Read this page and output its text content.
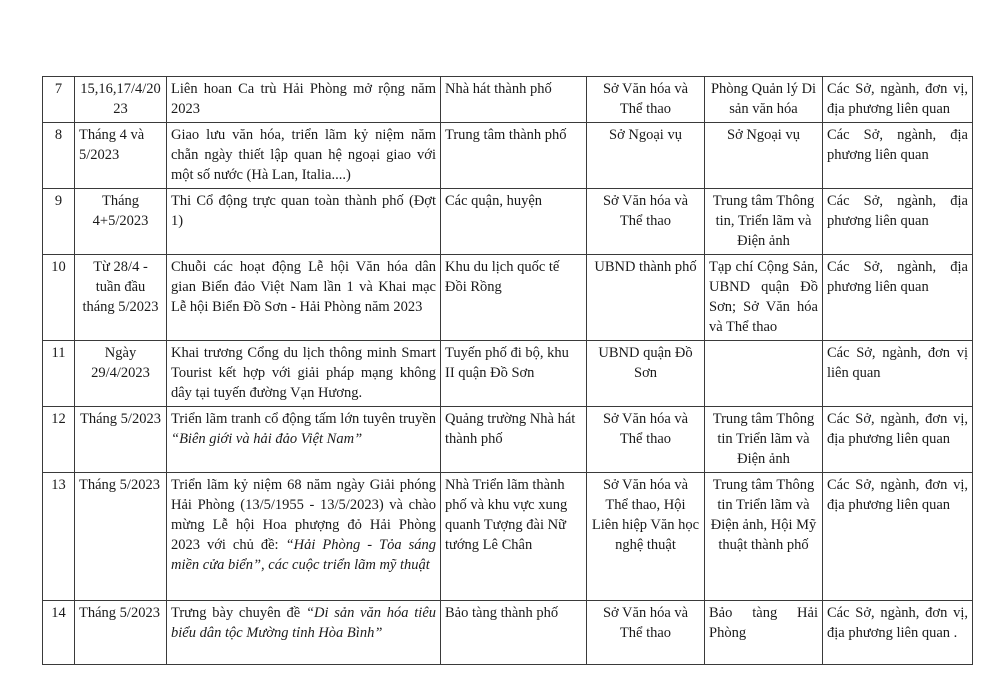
7	15,16,17/4/2023	Liên hoan Ca trù Hải Phòng mở rộng năm 2023	Nhà hát thành phố	Sở Văn hóa và Thể thao	Phòng Quản lý Di sản văn hóa	Các Sở, ngành, đơn vị, địa phương liên quan
8	Tháng 4 và 5/2023	Giao lưu văn hóa, triển lãm kỷ niệm năm chẵn ngày thiết lập quan hệ ngoại giao với một số nước (Hà Lan, Italia....)	Trung tâm thành phố	Sở Ngoại vụ	Sở Ngoại vụ	Các Sở, ngành, địa phương liên quan
9	Tháng 4+5/2023	Thi Cổ động trực quan toàn thành phố (Đợt 1)	Các quận, huyện	Sở Văn hóa và Thể thao	Trung tâm Thông tin, Triển lãm và Điện ảnh	Các Sở, ngành, địa phương liên quan
10	Từ 28/4 - tuần đầu tháng 5/2023	Chuỗi các hoạt động Lễ hội Văn hóa dân gian Biển đảo Việt Nam lần 1 và Khai mạc Lễ hội Biển Đồ Sơn - Hải Phòng năm 2023	Khu du lịch quốc tế Đồi Rồng	UBND thành phố	Tạp chí Cộng Sản, UBND quận Đồ Sơn; Sở Văn hóa và Thể thao	Các Sở, ngành, địa phương liên quan
11	Ngày 29/4/2023	Khai trương Cổng du lịch thông minh Smart Tourist kết hợp với giải pháp mạng không dây tại tuyến đường Vạn Hương.	Tuyến phố đi bộ, khu II quận Đồ Sơn	UBND quận Đồ Sơn		Các Sở, ngành, đơn vị liên quan
12	Tháng 5/2023	Triển lãm tranh cổ động tấm lớn tuyên truyền “Biên giới và hải đảo Việt Nam”	Quảng trường Nhà hát thành phố	Sở Văn hóa và Thể thao	Trung tâm Thông tin Triển lãm và Điện ảnh	Các Sở, ngành, đơn vị, địa phương liên quan
13	Tháng 5/2023	Triển lãm kỷ niệm 68 năm ngày Giải phóng Hải Phòng (13/5/1955 - 13/5/2023) và chào mừng Lễ hội Hoa phượng đỏ Hải Phòng 2023 với chủ đề: “Hải Phòng - Tỏa sáng miền cửa biển”, các cuộc triển lãm mỹ thuật	Nhà Triển lãm thành phố và khu vực xung quanh Tượng đài Nữ tướng Lê Chân	Sở Văn hóa và Thể thao, Hội Liên hiệp Văn học nghệ thuật	Trung tâm Thông tin Triển lãm và Điện ảnh, Hội Mỹ thuật thành phố	Các Sở, ngành, đơn vị, địa phương liên quan
14	Tháng 5/2023	Trưng bày chuyên đề “Di sản văn hóa tiêu biểu dân tộc Mường tỉnh Hòa Bình”	Bảo tàng thành phố	Sở Văn hóa và Thể thao	Bảo tàng Hải Phòng	Các Sở, ngành, đơn vị, địa phương liên quan .
